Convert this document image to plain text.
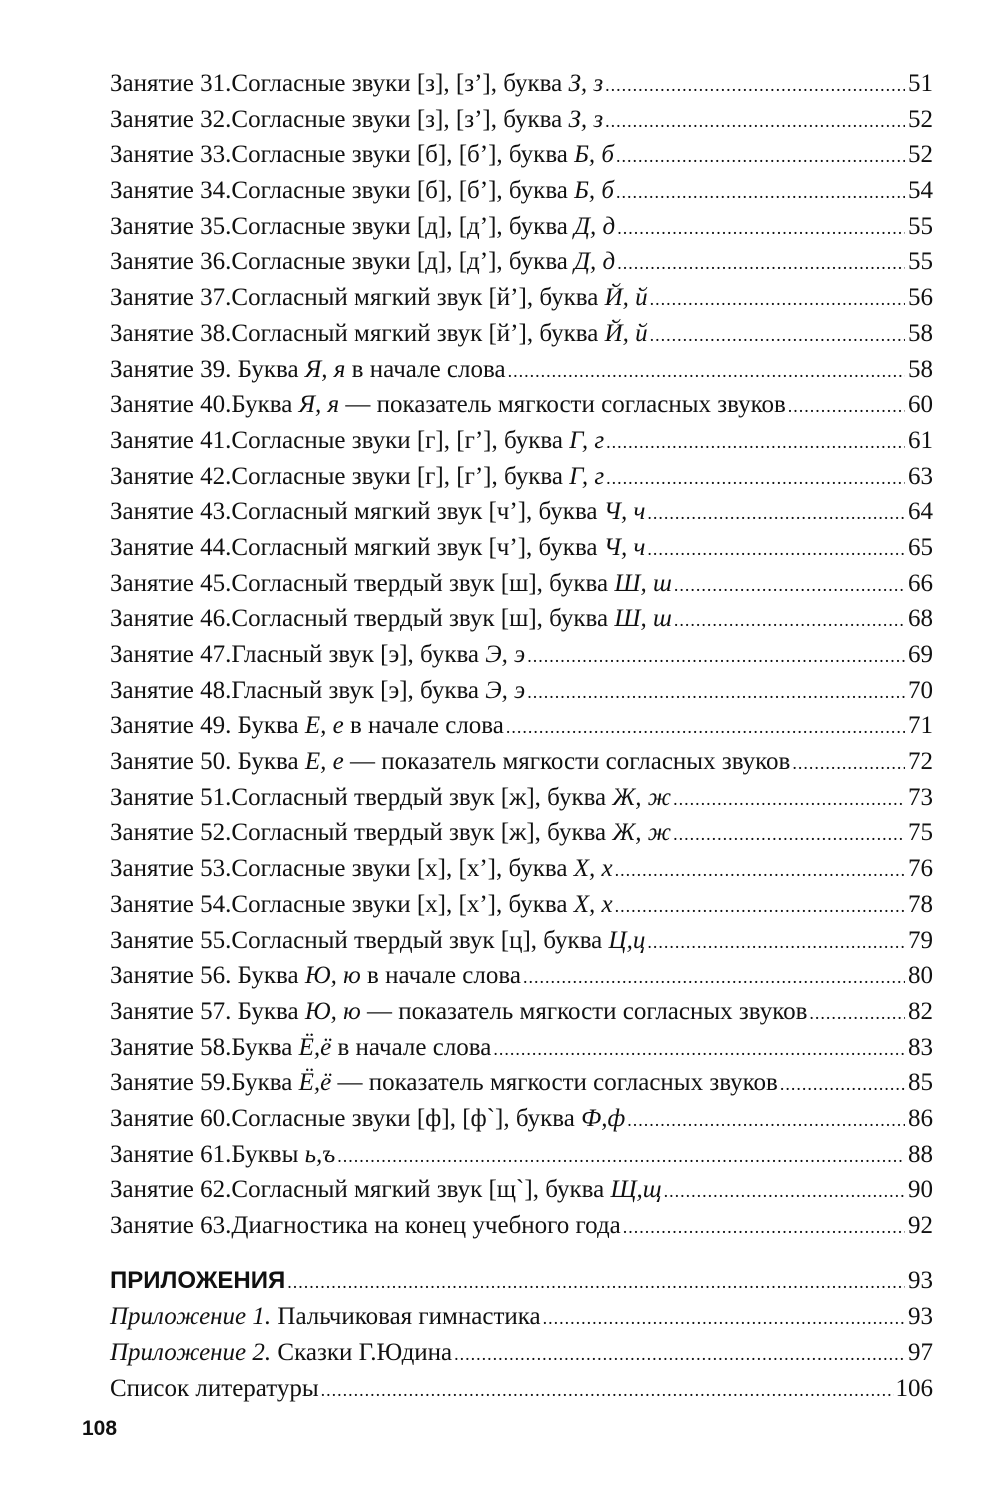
Занятие 31.Согласные звуки [з], [з’], буква З, з .....	51
Занятие 32.Согласные звуки [з], [з’], буква З, з .....	52
Занятие 33.Согласные звуки [б], [б’], буква Б, б .....	52
Занятие 34.Согласные звуки [б], [б’], буква Б, б .....	54
Занятие 35.Согласные звуки [д], [д’], буква Д, д .....	55
Занятие 36.Согласные звуки [д], [д’], буква Д, д .....	55
Занятие 37.Согласный мягкий звук [й’], буква Й, й .....	56
Занятие 38.Согласный мягкий звук [й’], буква Й, й .....	58
Занятие 39. Буква Я, я в начале слова .....	58
Занятие 40.Буква Я, я — показатель мягкости согласных звуков .....	60
Занятие 41.Согласные звуки [г], [г’], буква Г, г .....	61
Занятие 42.Согласные звуки [г], [г’], буква Г, г .....	63
Занятие 43.Согласный мягкий звук [ч’], буква Ч, ч .....	64
Занятие 44.Согласный мягкий звук [ч’], буква Ч, ч .....	65
Занятие 45.Согласный твердый звук [ш], буква Ш, ш .....	66
Занятие 46.Согласный твердый звук [ш], буква Ш, ш .....	68
Занятие 47.Гласный звук [э], буква Э, э .....	69
Занятие 48.Гласный звук [э], буква Э, э .....	70
Занятие 49. Буква Е, е в начале слова .....	71
Занятие 50. Буква Е, е — показатель мягкости согласных звуков .....	72
Занятие 51.Согласный твердый звук [ж], буква Ж, ж .....	73
Занятие 52.Согласный твердый звук [ж], буква Ж, ж .....	75
Занятие 53.Согласные звуки [х], [х’], буква Х, х .....	76
Занятие 54.Согласные звуки [х], [х’], буква Х, х .....	78
Занятие 55.Согласный твердый звук [ц], буква Ц,ц .....	79
Занятие 56. Буква Ю, ю в начале слова .....	80
Занятие 57. Буква Ю, ю — показатель мягкости согласных звуков .....	82
Занятие 58.Буква Ё,ё в начале слова .....	83
Занятие 59.Буква Ё,ё — показатель мягкости согласных звуков .....	85
Занятие 60.Согласные звуки [ф], [ф`], буква Ф,ф .....	86
Занятие 61.Буквы ь,ъ .....	88
Занятие 62.Согласный мягкий звук [щ`], буква Щ,щ .....	90
Занятие 63.Диагностика на конец учебного года .....	92
ПРИЛОЖЕНИЯ .....	93
Приложение 1. Пальчиковая гимнастика .....	93
Приложение 2. Сказки Г.Юдина .....	97
Список литературы .....	106
108
